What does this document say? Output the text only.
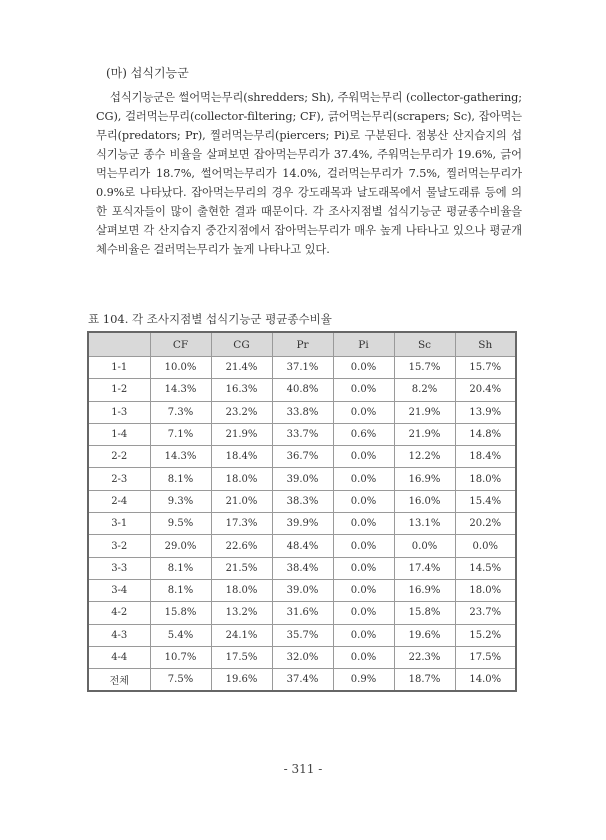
(마) 섭식기능군
섭식기능군은 썰어먹는무리(shredders; Sh), 주워먹는무리 (collector-gathering; CG), 걸러먹는무리(collector-filtering; CF), 긁어먹는무리(scrapers; Sc), 잡아먹는무리(predators; Pr), 찔러먹는무리(piercers; Pi)로 구분된다. 점봉산 산지습지의 섭식기능군 종수 비율을 살펴보면 잡아먹는무리가 37.4%, 주워먹는무리가 19.6%, 긁어먹는무리가 18.7%, 썰어먹는무리가 14.0%, 걸러먹는무리가 7.5%, 찔러먹는무리가 0.9%로 나타났다. 잡아먹는무리의 경우 강도래목과 날도래목에서 물날도래류 등에 의한 포식자들이 많이 출현한 결과 때문이다. 각 조사지점별 섭식기능군 평균종수비율을 살펴보면 각 산지습지 중간지점에서 잡아먹는무리가 매우 높게 나타나고 있으나 평균개체수비율은 걸러먹는무리가 높게 나타나고 있다.
표 104. 각 조사지점별 섭식기능군 평균종수비율
	CF	CG	Pr	Pi	Sc	Sh
1-1	10.0%	21.4%	37.1%	0.0%	15.7%	15.7%
1-2	14.3%	16.3%	40.8%	0.0%	8.2%	20.4%
1-3	7.3%	23.2%	33.8%	0.0%	21.9%	13.9%
1-4	7.1%	21.9%	33.7%	0.6%	21.9%	14.8%
2-2	14.3%	18.4%	36.7%	0.0%	12.2%	18.4%
2-3	8.1%	18.0%	39.0%	0.0%	16.9%	18.0%
2-4	9.3%	21.0%	38.3%	0.0%	16.0%	15.4%
3-1	9.5%	17.3%	39.9%	0.0%	13.1%	20.2%
3-2	29.0%	22.6%	48.4%	0.0%	0.0%	0.0%
3-3	8.1%	21.5%	38.4%	0.0%	17.4%	14.5%
3-4	8.1%	18.0%	39.0%	0.0%	16.9%	18.0%
4-2	15.8%	13.2%	31.6%	0.0%	15.8%	23.7%
4-3	5.4%	24.1%	35.7%	0.0%	19.6%	15.2%
4-4	10.7%	17.5%	32.0%	0.0%	22.3%	17.5%
전체	7.5%	19.6%	37.4%	0.9%	18.7%	14.0%
- 311 -
